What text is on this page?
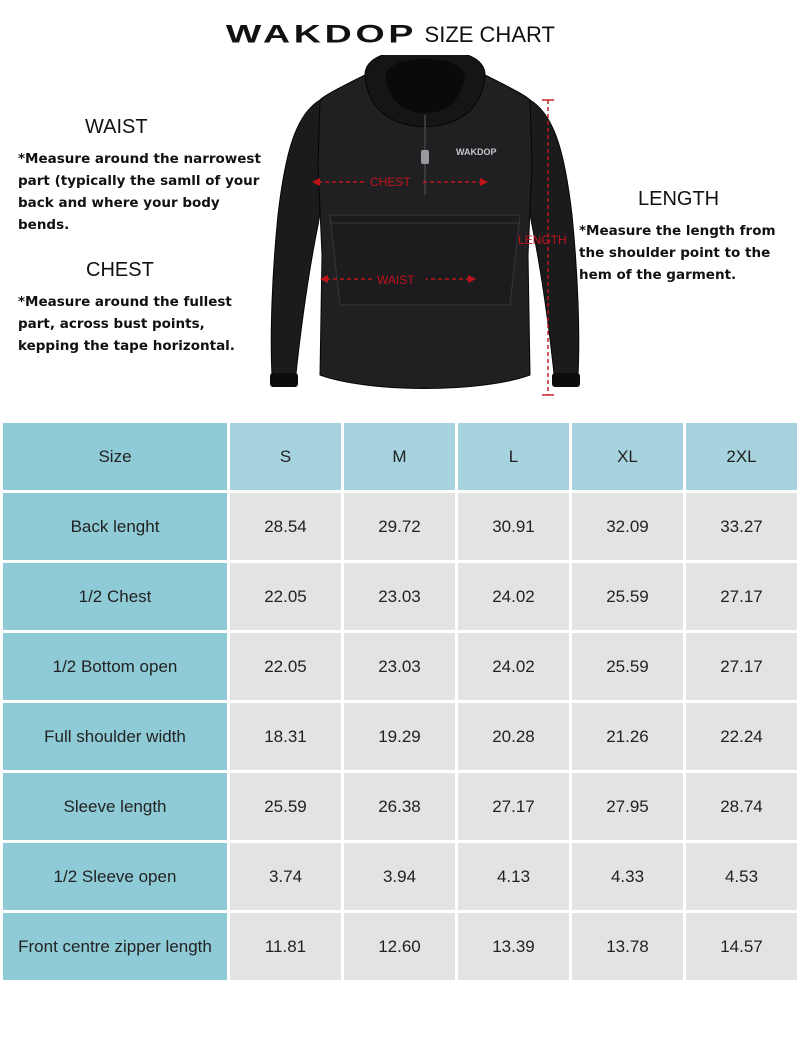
WAKDOP SIZE CHART
WAIST
*Measure around the narrowest part (typically the samll of your back and where your body bends.
CHEST
*Measure around the fullest part, across bust points, kepping the tape horizontal.
LENGTH
*Measure the length from the shoulder point to the hem of the garment.
WAKDOP
CHEST
WAIST
LENGTH
Size	S	M	L	XL	2XL
Back lenght	28.54	29.72	30.91	32.09	33.27
1/2 Chest	22.05	23.03	24.02	25.59	27.17
1/2 Bottom open	22.05	23.03	24.02	25.59	27.17
Full shoulder width	18.31	19.29	20.28	21.26	22.24
Sleeve length	25.59	26.38	27.17	27.95	28.74
1/2 Sleeve open	3.74	3.94	4.13	4.33	4.53
Front centre zipper length	11.81	12.60	13.39	13.78	14.57
